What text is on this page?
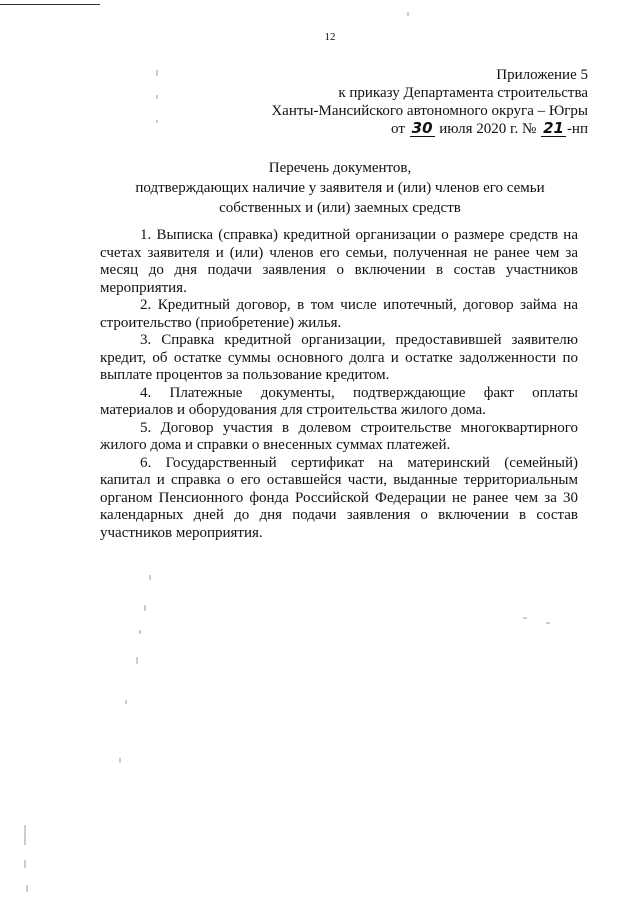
12
Приложение 5
к приказу Департамента строительства
Ханты-Мансийского автономного округа – Югры
от 30 июля 2020 г. № 21 -нп
Перечень документов,
подтверждающих наличие у заявителя и (или) членов его семьи
собственных и (или) заемных средств

1. Выписка (справка) кредитной организации о размере средств на счетах заявителя и (или) членов его семьи, полученная не ранее чем за месяц до дня подачи заявления о включении в состав участников мероприятия.

2. Кредитный договор, в том числе ипотечный, договор займа на строительство (приобретение) жилья.

3. Справка кредитной организации, предоставившей заявителю кредит, об остатке суммы основного долга и остатке задолженности по выплате процентов за пользование кредитом.

4. Платежные документы, подтверждающие факт оплаты материалов и оборудования для строительства жилого дома.

5. Договор участия в долевом строительстве многоквартирного жилого дома и справки о внесенных суммах платежей.

6. Государственный сертификат на материнский (семейный) капитал и справка о его оставшейся части, выданные территориальным органом Пенсионного фонда Российской Федерации не ранее чем за 30 календарных дней до дня подачи заявления о включении в состав участников мероприятия.
